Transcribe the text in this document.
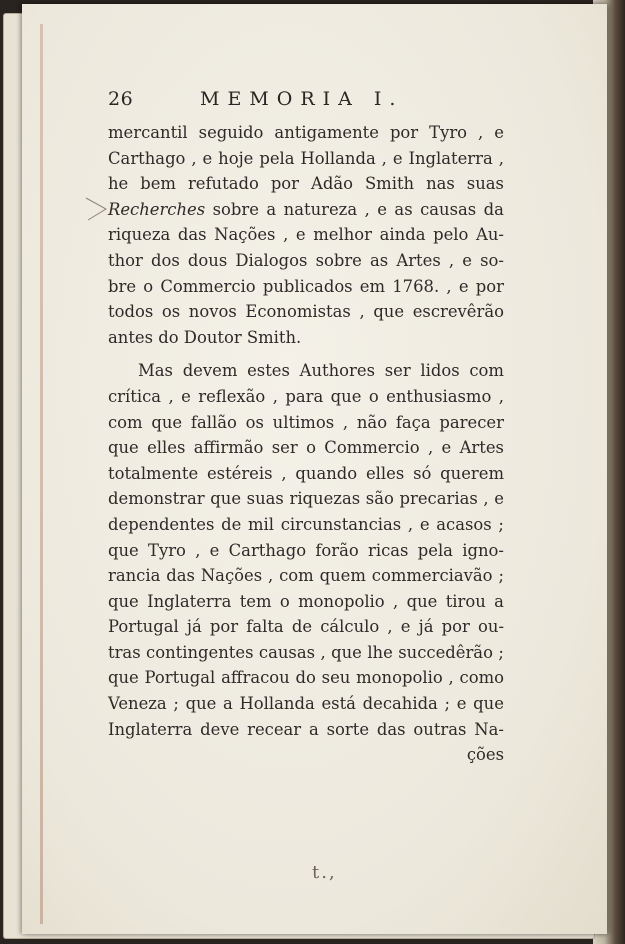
26	MEMORIA I.
mercantil seguido antigamente por Tyro , e
Carthago , e hoje pela Hollanda , e Inglaterra ,
he bem refutado por Adão Smith nas suas
Recherches sobre a natureza , e as causas da
riqueza das Nações , e melhor ainda pelo Au-
thor dos dous Dialogos sobre as Artes , e so-
bre o Commercio publicados em 1768. , e por
todos os novos Economistas , que escrevêrão
antes do Doutor Smith.
Mas devem estes Authores ser lidos com
crítica , e reflexão , para que o enthusiasmo ,
com que fallão os ultimos , não faça parecer
que elles affirmão ser o Commercio , e Artes
totalmente estéreis , quando elles só querem
demonstrar que suas riquezas são precarias , e
dependentes de mil circunstancias , e acasos ;
que Tyro , e Carthago forão ricas pela igno-
rancia das Nações , com quem commerciavão ;
que Inglaterra tem o monopolio , que tirou a
Portugal já por falta de cálculo , e já por ou-
tras contingentes causas , que lhe succedêrão ;
que Portugal affracou do seu monopolio , como
Veneza ; que a Hollanda está decahida ; e que
Inglaterra deve recear a sorte das outras Na-
ções
t.,
